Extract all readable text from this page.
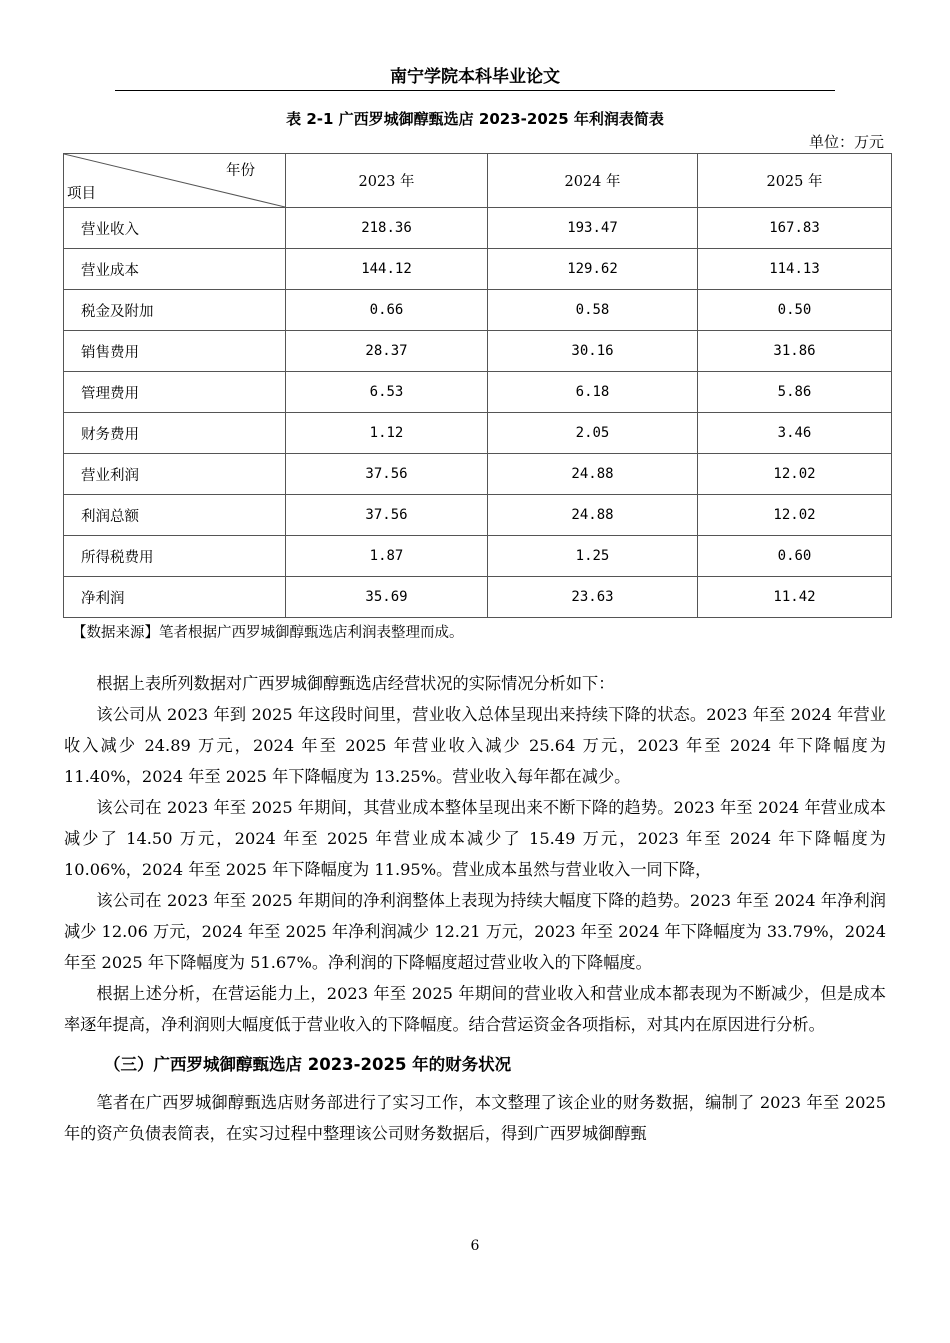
南宁学院本科毕业论文
表 2-1 广西罗城御醇甄选店 2023-2025 年利润表简表
单位：万元
年份
项目	2023 年	2024 年	2025 年
营业收入	218.36	193.47	167.83
营业成本	144.12	129.62	114.13
税金及附加	0.66	0.58	0.50
销售费用	28.37	30.16	31.86
管理费用	6.53	6.18	5.86
财务费用	1.12	2.05	3.46
营业利润	37.56	24.88	12.02
利润总额	37.56	24.88	12.02
所得税费用	1.87	1.25	0.60
净利润	35.69	23.63	11.42
【数据来源】笔者根据广西罗城御醇甄选店利润表整理而成。

根据上表所列数据对广西罗城御醇甄选店经营状况的实际情况分析如下：

该公司从 2023 年到 2025 年这段时间里，营业收入总体呈现出来持续下降的状态。2023 年至 2024 年营业收入减少 24.89 万元，2024 年至 2025 年营业收入减少 25.64 万元，2023 年至 2024 年下降幅度为 11.40%，2024 年至 2025 年下降幅度为 13.25%。营业收入每年都在减少。

该公司在 2023 年至 2025 年期间，其营业成本整体呈现出来不断下降的趋势。2023 年至 2024 年营业成本减少了 14.50 万元，2024 年至 2025 年营业成本减少了 15.49 万元，2023 年至 2024 年下降幅度为 10.06%，2024 年至 2025 年下降幅度为 11.95%。营业成本虽然与营业收入一同下降，

该公司在 2023 年至 2025 年期间的净利润整体上表现为持续大幅度下降的趋势。2023 年至 2024 年净利润减少 12.06 万元，2024 年至 2025 年净利润减少 12.21 万元，2023 年至 2024 年下降幅度为 33.79%，2024 年至 2025 年下降幅度为 51.67%。净利润的下降幅度超过营业收入的下降幅度。

根据上述分析，在营运能力上，2023 年至 2025 年期间的营业收入和营业成本都表现为不断减少，但是成本率逐年提高，净利润则大幅度低于营业收入的下降幅度。结合营运资金各项指标，对其内在原因进行分析。

（三）广西罗城御醇甄选店 2023-2025 年的财务状况

笔者在广西罗城御醇甄选店财务部进行了实习工作，本文整理了该企业的财务数据，编制了 2023 年至 2025 年的资产负债表简表，在实习过程中整理该公司财务数据后，得到广西罗城御醇甄

6
